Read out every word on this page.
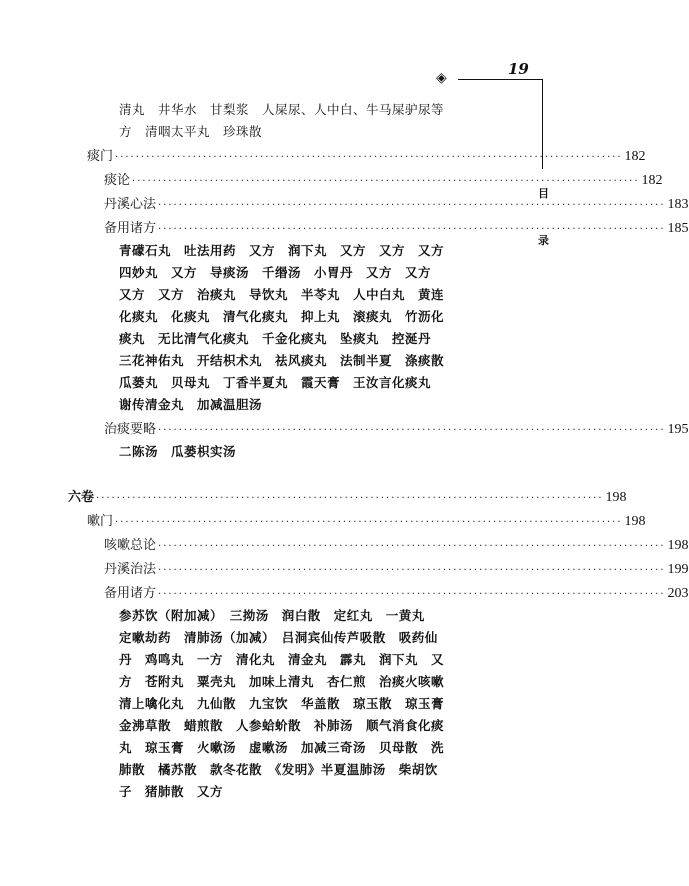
◈	19
目
录
清丸　井华水　甘梨浆　人屎尿、人中白、牛马屎驴尿等
方　清咽太平丸　珍珠散
痰门 ·································································································· 182
痰论 ·································································································· 182
丹溪心法 ·································································································· 183
备用诸方 ·································································································· 185
青礞石丸　吐法用药　又方　润下丸　又方　又方　又方
四妙丸　又方　导痰汤　千缗汤　小胃丹　又方　又方
又方　又方　治痰丸　导饮丸　半苓丸　人中白丸　黄连
化痰丸　化痰丸　清气化痰丸　抑上丸　滚痰丸　竹沥化
痰丸　无比清气化痰丸　千金化痰丸　坠痰丸　控涎丹
三花神佑丸　开结枳术丸　祛风痰丸　法制半夏　涤痰散
瓜蒌丸　贝母丸　丁香半夏丸　霞天膏　王汝言化痰丸
谢传清金丸　加减温胆汤
治痰要略 ·································································································· 195
二陈汤　瓜蒌枳实汤
六卷 ·································································································· 198
嗽门 ·································································································· 198
咳嗽总论 ·································································································· 198
丹溪治法 ·································································································· 199
备用诸方 ·································································································· 203
参苏饮（附加减）　三拗汤　润白散　定红丸　一黄丸
定嗽劫药　清肺汤（加减）　吕洞宾仙传芦吸散　吸药仙
丹　鸡鸣丸　一方　清化丸　清金丸　霹丸　润下丸　又
方　苍附丸　粟壳丸　加味上清丸　杏仁煎　治痰火咳嗽
清上噙化丸　九仙散　九宝饮　华盖散　琼玉散　琼玉膏
金沸草散　蜡煎散　人参蛤蚧散　补肺汤　顺气消食化痰
丸　琼玉膏　火嗽汤　虚嗽汤　加减三奇汤　贝母散　洗
肺散　橘苏散　款冬花散　《发明》半夏温肺汤　柴胡饮
子　猪肺散　又方
